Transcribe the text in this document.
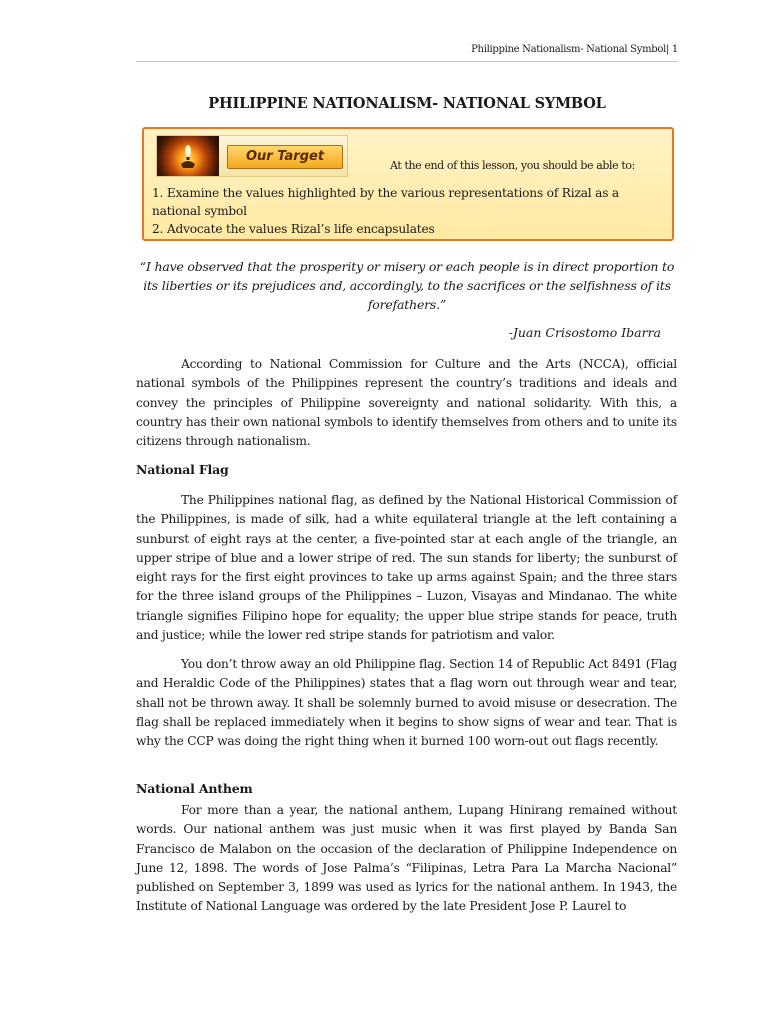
Philippine Nationalism- National Symbol| 1
PHILIPPINE NATIONALISM- NATIONAL SYMBOL
Our Target
At the end of this lesson, you should be able to:
1. Examine the values highlighted by the various representations of Rizal as a national symbol
2. Advocate the values Rizal’s life encapsulates
“I have observed that the prosperity or misery or each people is in direct proportion to its liberties or its prejudices and, accordingly, to the sacrifices or the selfishness of its forefathers.”
-Juan Crisostomo Ibarra
According to National Commission for Culture and the Arts (NCCA), official national symbols of the Philippines represent the country’s traditions and ideals and convey the principles of Philippine sovereignty and national solidarity. With this, a country has their own national symbols to identify themselves from others and to unite its citizens through nationalism.
National Flag
The Philippines national flag, as defined by the National Historical Commission of the Philippines, is made of silk, had a white equilateral triangle at the left containing a sunburst of eight rays at the center, a five-pointed star at each angle of the triangle, an upper stripe of blue and a lower stripe of red. The sun stands for liberty; the sunburst of eight rays for the first eight provinces to take up arms against Spain; and the three stars for the three island groups of the Philippines – Luzon, Visayas and Mindanao. The white triangle signifies Filipino hope for equality; the upper blue stripe stands for peace, truth and justice; while the lower red stripe stands for patriotism and valor.
You don’t throw away an old Philippine flag. Section 14 of Republic Act 8491 (Flag and Heraldic Code of the Philippines) states that a flag worn out through wear and tear, shall not be thrown away. It shall be solemnly burned to avoid misuse or desecration. The flag shall be replaced immediately when it begins to show signs of wear and tear. That is why the CCP was doing the right thing when it burned 100 worn-out out flags recently.
National Anthem
For more than a year, the national anthem, Lupang Hinirang remained without words. Our national anthem was just music when it was first played by Banda San Francisco de Malabon on the occasion of the declaration of Philippine Independence on June 12, 1898. The words of Jose Palma’s “Filipinas, Letra Para La Marcha Nacional” published on September 3, 1899 was used as lyrics for the national anthem. In 1943, the Institute of National Language was ordered by the late President Jose P. Laurel to
